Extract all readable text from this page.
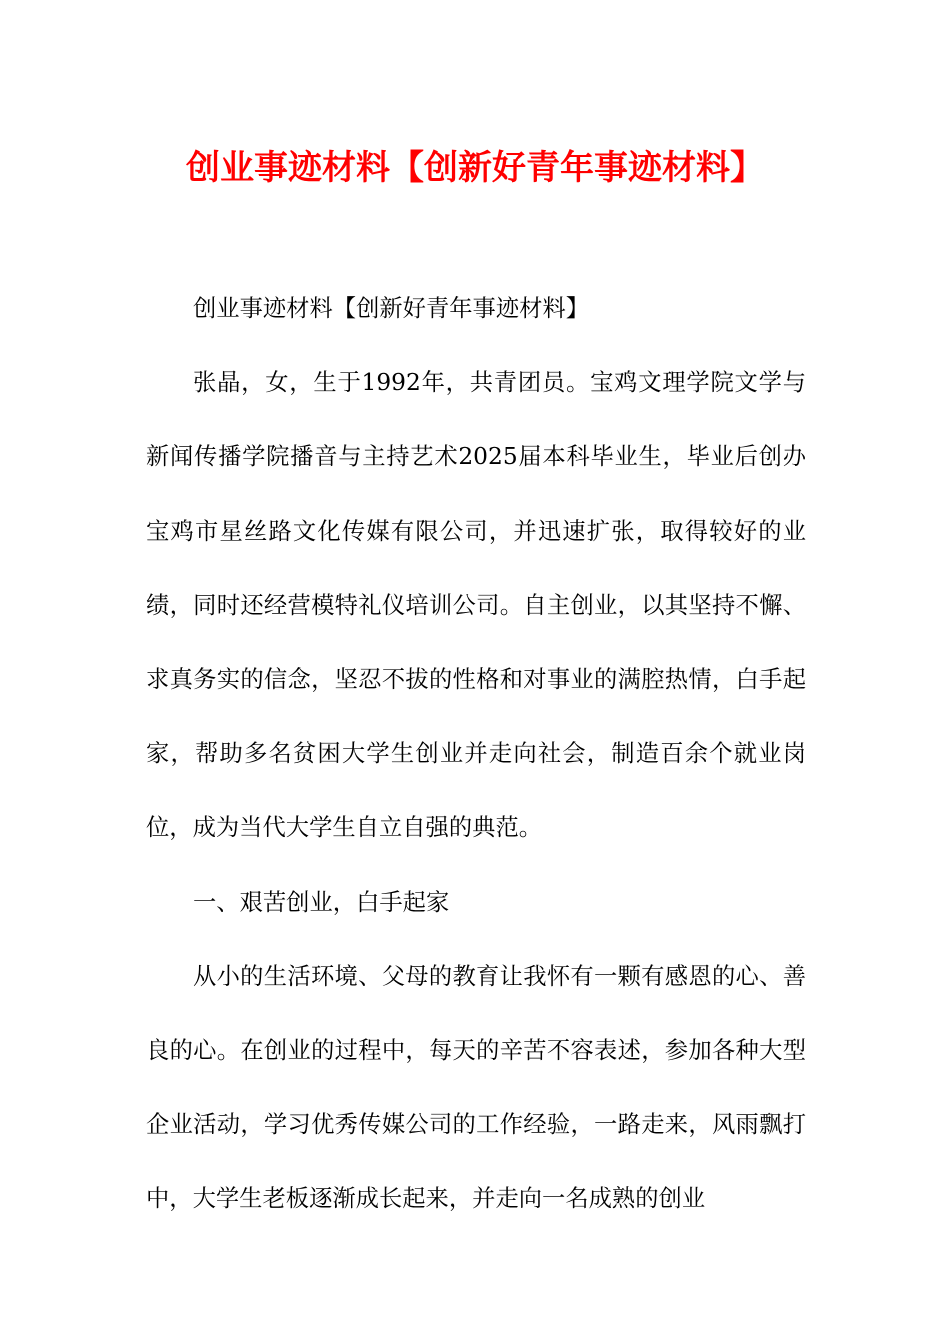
创业事迹材料【创新好青年事迹材料】

创业事迹材料【创新好青年事迹材料】

张晶，女，生于1992年，共青团员。宝鸡文理学院文学与新闻传播学院播音与主持艺术2025届本科毕业生，毕业后创办宝鸡市星丝路文化传媒有限公司，并迅速扩张，取得较好的业绩，同时还经营模特礼仪培训公司。自主创业，以其坚持不懈、求真务实的信念，坚忍不拔的性格和对事业的满腔热情，白手起家，帮助多名贫困大学生创业并走向社会，制造百余个就业岗位，成为当代大学生自立自强的典范。

一、艰苦创业，白手起家

从小的生活环境、父母的教育让我怀有一颗有感恩的心、善良的心。在创业的过程中，每天的辛苦不容表述，参加各种大型企业活动，学习优秀传媒公司的工作经验，一路走来，风雨飘打中，大学生老板逐渐成长起来，并走向一名成熟的创业
